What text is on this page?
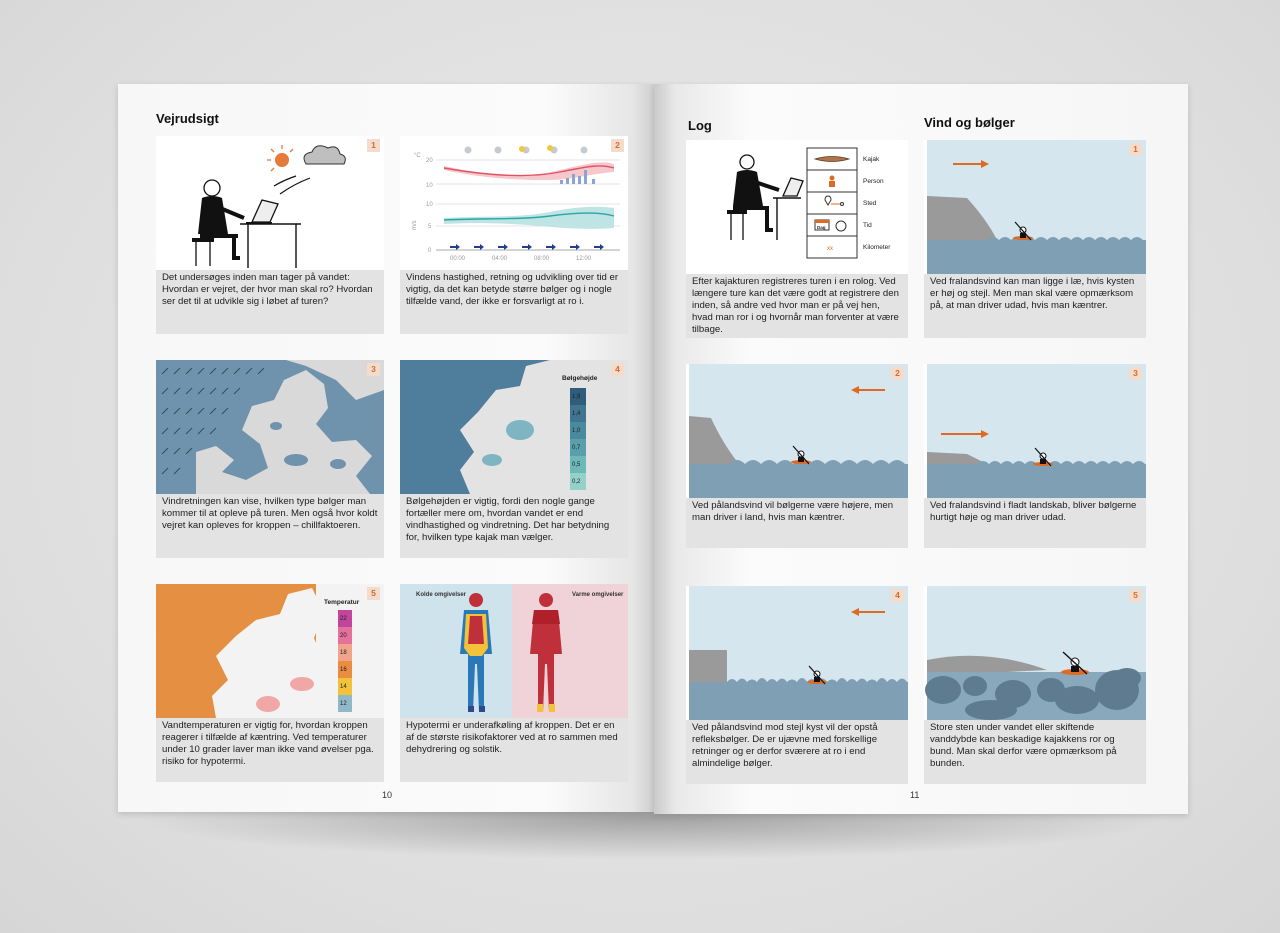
Vejrudsigt
1
Det undersøges inden man tager på vandet: Hvordan er vejret, der hvor man skal ro? Hvordan ser det til at udvikle sig i løbet af turen?
°C
20
10
10
5
0
m/s
00:00	04:00	08:00	12:00
2
Vindens hastighed, retning og udvikling over tid er vigtig, da det kan betyde større bølger og i nogle tilfælde vand, der ikke er forsvarligt at ro i.
3
Vindretningen kan vise, hvilken type bølger man kommer til at opleve på turen. Men også hvor koldt vejret kan opleves for kroppen – chillfaktoeren.
Bølgehøjde
1,9
1,4
1,0
0,7
0,5
0,2
4
Bølgehøjden er vigtig, fordi den nogle gange fortæller mere om, hvordan vandet er end vindhastighed og vindretning. Det har betydning for, hvilken type kajak man vælger.
Temperatur
22
20
18
16
14
12
5
Vandtemperaturen er vigtig for, hvordan kroppen reagerer i tilfælde af kæntring. Ved temperaturer under 10 grader laver man ikke vand øvelser pga. risiko for hypotermi.
Kolde omgivelser	Varme omgivelser
Hypotermi er underafkøling af kroppen. Det er en af de største risikofaktorer ved at ro sammen med dehydrering og solstik.
10
Log	Vind og bølger
Dag
xx
Kajak
Person
Sted
Tid
Kilometer
Efter kajakturen registreres turen i en rolog. Ved længere ture kan det være godt at registrere den inden, så andre ved hvor man er på vej hen, hvad man ror i og hvornår man forventer at være tilbage.
1
Ved fralandsvind kan man ligge i læ, hvis kysten er høj og stejl. Men man skal være opmærksom på, at man driver udad, hvis man kæntrer.
2
Ved pålandsvind vil bølgerne være højere, men man driver i land, hvis man kæntrer.
3
Ved fralandsvind i fladt landskab, bliver bølgerne hurtigt høje og man driver udad.
4
Ved pålandsvind mod stejl kyst vil der opstå refleksbølger. De er ujævne med forskellige retninger og er derfor sværere at ro i end almindelige bølger.
5
Store sten under vandet eller skiftende vanddybde kan beskadige kajakkens ror og bund. Man skal derfor være opmærksom på bunden.
11
